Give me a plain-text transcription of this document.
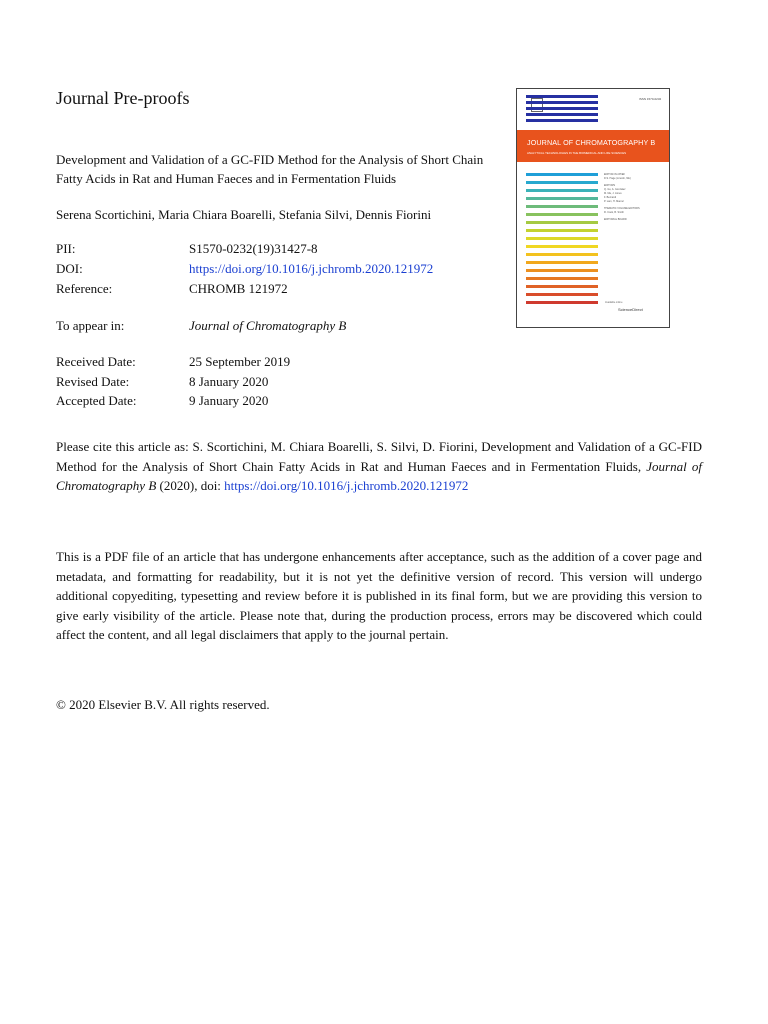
Journal Pre-proofs
Development and Validation of a GC-FID Method for the Analysis of Short Chain Fatty Acids in Rat and Human Faeces and in Fermentation Fluids
Serena Scortichini, Maria Chiara Boarelli, Stefania Silvi, Dennis Fiorini
PII:	S1570-0232(19)31427-8
DOI:	https://doi.org/10.1016/j.jchromb.2020.121972
Reference:	CHROMB 121972
To appear in:	Journal of Chromatography B
Received Date:	25 September 2019
Revised Date:	8 January 2020
Accepted Date:	9 January 2020
Please cite this article as: S. Scortichini, M. Chiara Boarelli, S. Silvi, D. Fiorini, Development and Validation of a GC-FID Method for the Analysis of Short Chain Fatty Acids in Rat and Human Faeces and in Fermentation Fluids, Journal of Chromatography B (2020), doi: https://doi.org/10.1016/j.jchromb.2020.121972
This is a PDF file of an article that has undergone enhancements after acceptance, such as the addition of a cover page and metadata, and formatting for readability, but it is not yet the definitive version of record. This version will undergo additional copyediting, typesetting and review before it is published in its final form, but we are providing this version to give early visibility of the article. Please note that, during the production process, errors may be discovered which could affect the content, and all legal disclaimers that apply to the journal pertain.
© 2020 Elsevier B.V. All rights reserved.
ISSN 1570-0232
JOURNAL OF CHROMATOGRAPHY B
ANALYTICAL TECHNOLOGIES IN THE BIOMEDICAL AND LIFE SCIENCES
EDITOR-IN-CHIEF
D.S. Hage (Lincoln, NE)
EDITORS
Q. Gu, A. Gonzalez
M. Ma, J. Jones
F. Bernardi
P. Lam, H. Marcel
THEMATIC VOLUME EDITORS
R. Cook, B. Smith
EDITORIAL BOARD
Available online
ScienceDirect
